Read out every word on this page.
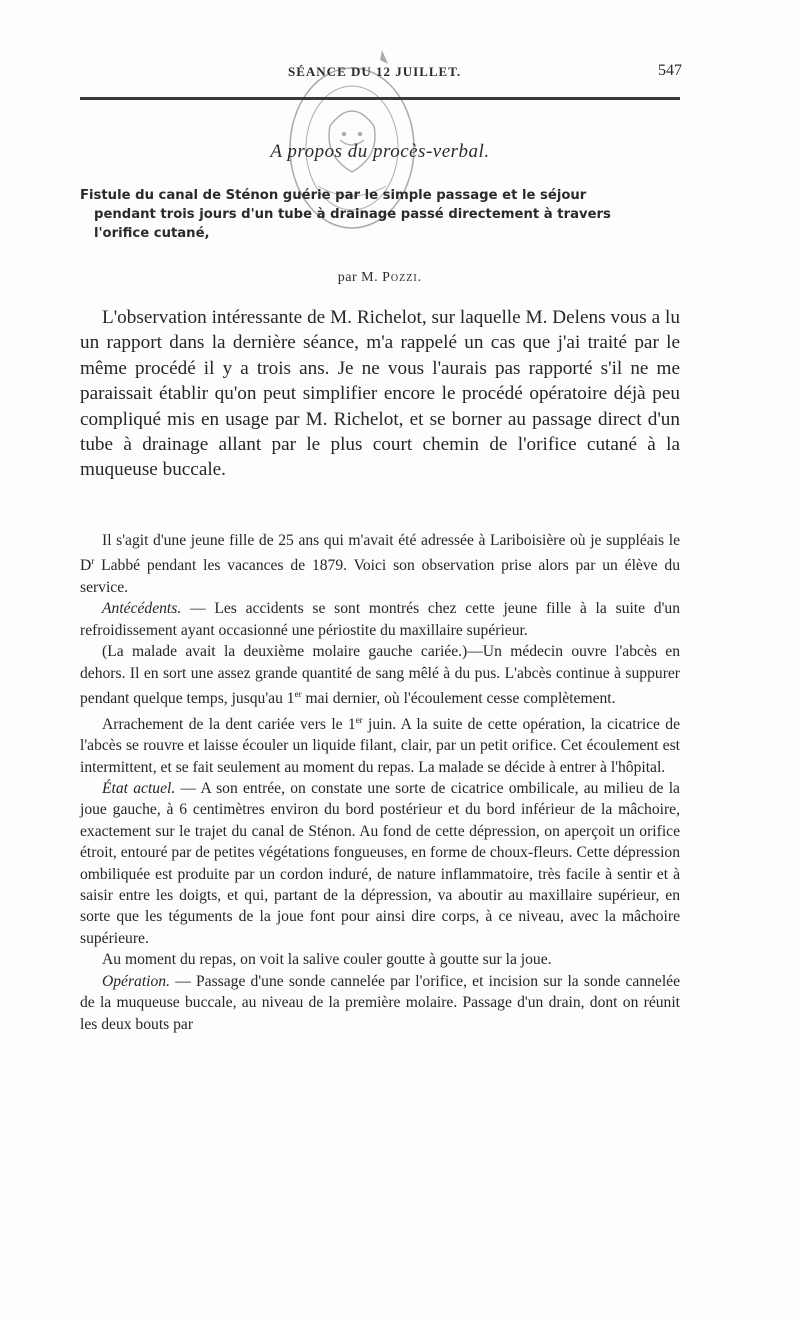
SÉANCE DU 12 JUILLET.	547
A propos du procès-verbal.
Fistule du canal de Sténon guérie par le simple passage et le séjour
pendant trois jours d'un tube à drainage passé directement à travers
l'orifice cutané,
par M. Pozzi.

L'observation intéressante de M. Richelot, sur laquelle M. Delens vous a lu un rapport dans la dernière séance, m'a rappelé un cas que j'ai traité par le même procédé il y a trois ans. Je ne vous l'aurais pas rapporté s'il ne me paraissait établir qu'on peut simplifier encore le procédé opératoire déjà peu compliqué mis en usage par M. Richelot, et se borner au passage direct d'un tube à drainage allant par le plus court chemin de l'orifice cutané à la muqueuse buccale.

Il s'agit d'une jeune fille de 25 ans qui m'avait été adressée à Lariboisière où je suppléais le $D^r$ Labbé pendant les vacances de 1879. Voici son observation prise alors par un élève du service.

Antécédents. — Les accidents se sont montrés chez cette jeune fille à la suite d'un refroidissement ayant occasionné une périostite du maxillaire supérieur.

(La malade avait la deuxième molaire gauche cariée.)—Un médecin ouvre l'abcès en dehors. Il en sort une assez grande quantité de sang mêlé à du pus. L'abcès continue à suppurer pendant quelque temps, jusqu'au 1er mai dernier, où l'écoulement cesse complètement.

Arrachement de la dent cariée vers le 1er juin. A la suite de cette opération, la cicatrice de l'abcès se rouvre et laisse écouler un liquide filant, clair, par un petit orifice. Cet écoulement est intermittent, et se fait seulement au moment du repas. La malade se décide à entrer à l'hôpital.

État actuel. — A son entrée, on constate une sorte de cicatrice ombilicale, au milieu de la joue gauche, à 6 centimètres environ du bord postérieur et du bord inférieur de la mâchoire, exactement sur le trajet du canal de Sténon. Au fond de cette dépression, on aperçoit un orifice étroit, entouré par de petites végétations fongueuses, en forme de choux-fleurs. Cette dépression ombiliquée est produite par un cordon induré, de nature inflammatoire, très facile à sentir et à saisir entre les doigts, et qui, partant de la dépression, va aboutir au maxillaire supérieur, en sorte que les téguments de la joue font pour ainsi dire corps, à ce niveau, avec la mâchoire supérieure.

Au moment du repas, on voit la salive couler goutte à goutte sur la joue.

Opération. — Passage d'une sonde cannelée par l'orifice, et incision sur la sonde cannelée de la muqueuse buccale, au niveau de la première molaire. Passage d'un drain, dont on réunit les deux bouts par
